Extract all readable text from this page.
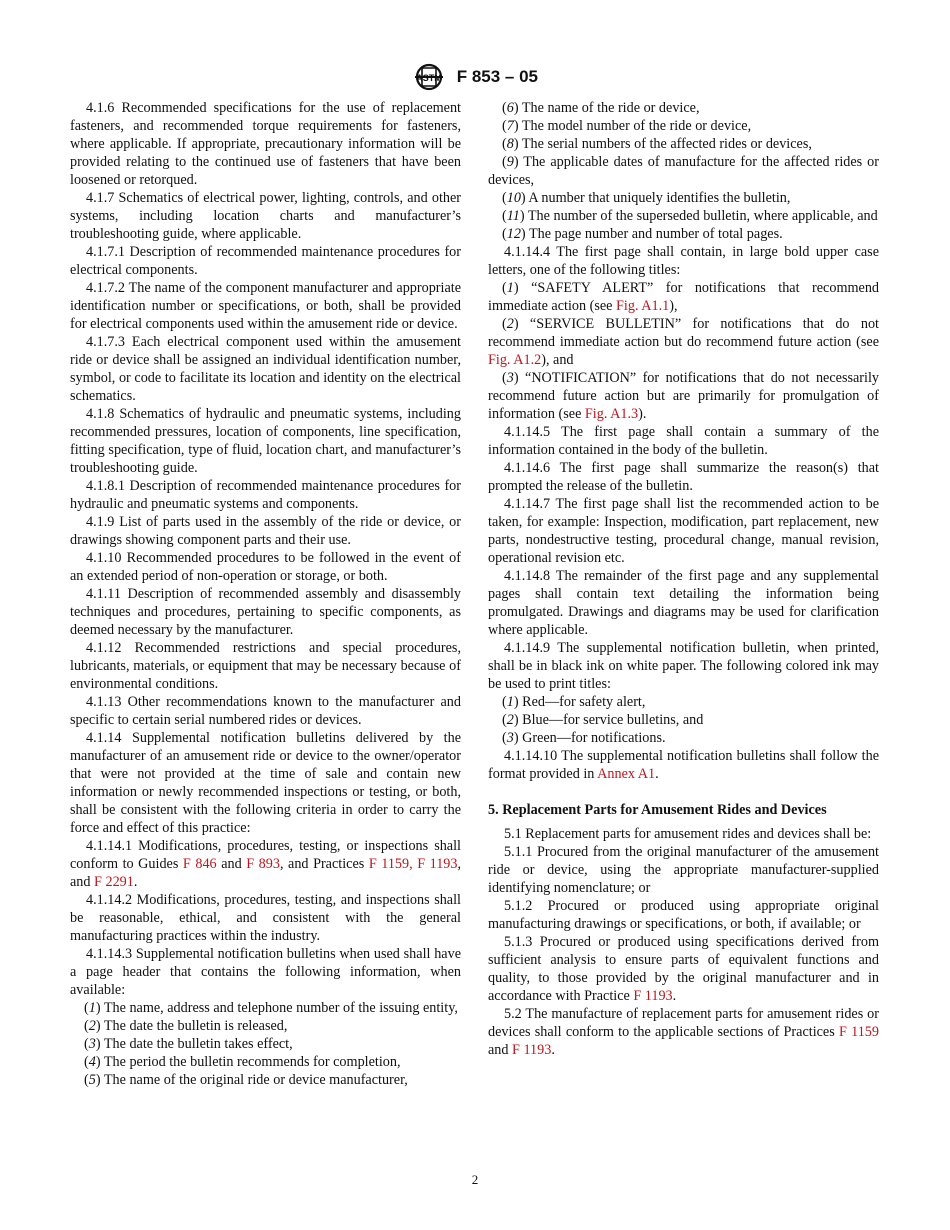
ASTM F 853 – 05

4.1.6 Recommended specifications for the use of replacement fasteners, and recommended torque requirements for fasteners, where applicable. If appropriate, precautionary information will be provided relating to the continued use of fasteners that have been loosened or retorqued.

4.1.7 Schematics of electrical power, lighting, controls, and other systems, including location charts and manufacturer’s troubleshooting guide, where applicable.

4.1.7.1 Description of recommended maintenance procedures for electrical components.

4.1.7.2 The name of the component manufacturer and appropriate identification number or specifications, or both, shall be provided for electrical components used within the amusement ride or device.

4.1.7.3 Each electrical component used within the amusement ride or device shall be assigned an individual identification number, symbol, or code to facilitate its location and identity on the electrical schematics.

4.1.8 Schematics of hydraulic and pneumatic systems, including recommended pressures, location of components, line specification, fitting specification, type of fluid, location chart, and manufacturer’s troubleshooting guide.

4.1.8.1 Description of recommended maintenance procedures for hydraulic and pneumatic systems and components.

4.1.9 List of parts used in the assembly of the ride or device, or drawings showing component parts and their use.

4.1.10 Recommended procedures to be followed in the event of an extended period of non-operation or storage, or both.

4.1.11 Description of recommended assembly and disassembly techniques and procedures, pertaining to specific components, as deemed necessary by the manufacturer.

4.1.12 Recommended restrictions and special procedures, lubricants, materials, or equipment that may be necessary because of environmental conditions.

4.1.13 Other recommendations known to the manufacturer and specific to certain serial numbered rides or devices.

4.1.14 Supplemental notification bulletins delivered by the manufacturer of an amusement ride or device to the owner/operator that were not provided at the time of sale and contain new information or newly recommended inspections or testing, or both, shall be consistent with the following criteria in order to carry the force and effect of this practice:

4.1.14.1 Modifications, procedures, testing, or inspections shall conform to Guides F 846 and F 893, and Practices F 1159, F 1193, and F 2291.

4.1.14.2 Modifications, procedures, testing, and inspections shall be reasonable, ethical, and consistent with the general manufacturing practices within the industry.

4.1.14.3 Supplemental notification bulletins when used shall have a page header that contains the following information, when available:

(1) The name, address and telephone number of the issuing entity,

(2) The date the bulletin is released,

(3) The date the bulletin takes effect,

(4) The period the bulletin recommends for completion,

(5) The name of the original ride or device manufacturer,

(6) The name of the ride or device,

(7) The model number of the ride or device,

(8) The serial numbers of the affected rides or devices,

(9) The applicable dates of manufacture for the affected rides or devices,

(10) A number that uniquely identifies the bulletin,

(11) The number of the superseded bulletin, where applicable, and

(12) The page number and number of total pages.

4.1.14.4 The first page shall contain, in large bold upper case letters, one of the following titles:

(1) “SAFETY ALERT” for notifications that recommend immediate action (see Fig. A1.1),

(2) “SERVICE BULLETIN” for notifications that do not recommend immediate action but do recommend future action (see Fig. A1.2), and

(3) “NOTIFICATION” for notifications that do not necessarily recommend future action but are primarily for promulgation of information (see Fig. A1.3).

4.1.14.5 The first page shall contain a summary of the information contained in the body of the bulletin.

4.1.14.6 The first page shall summarize the reason(s) that prompted the release of the bulletin.

4.1.14.7 The first page shall list the recommended action to be taken, for example: Inspection, modification, part replacement, new parts, nondestructive testing, procedural change, manual revision, operational revision etc.

4.1.14.8 The remainder of the first page and any supplemental pages shall contain text detailing the information being promulgated. Drawings and diagrams may be used for clarification where applicable.

4.1.14.9 The supplemental notification bulletin, when printed, shall be in black ink on white paper. The following colored ink may be used to print titles:

(1) Red—for safety alert,

(2) Blue—for service bulletins, and

(3) Green—for notifications.

4.1.14.10 The supplemental notification bulletins shall follow the format provided in Annex A1.

5. Replacement Parts for Amusement Rides and Devices

5.1 Replacement parts for amusement rides and devices shall be:

5.1.1 Procured from the original manufacturer of the amusement ride or device, using the appropriate manufacturer-supplied identifying nomenclature; or

5.1.2 Procured or produced using appropriate original manufacturing drawings or specifications, or both, if available; or

5.1.3 Procured or produced using specifications derived from sufficient analysis to ensure parts of equivalent functions and quality, to those provided by the original manufacturer and in accordance with Practice F 1193.

5.2 The manufacture of replacement parts for amusement rides or devices shall conform to the applicable sections of Practices F 1159 and F 1193.

2
